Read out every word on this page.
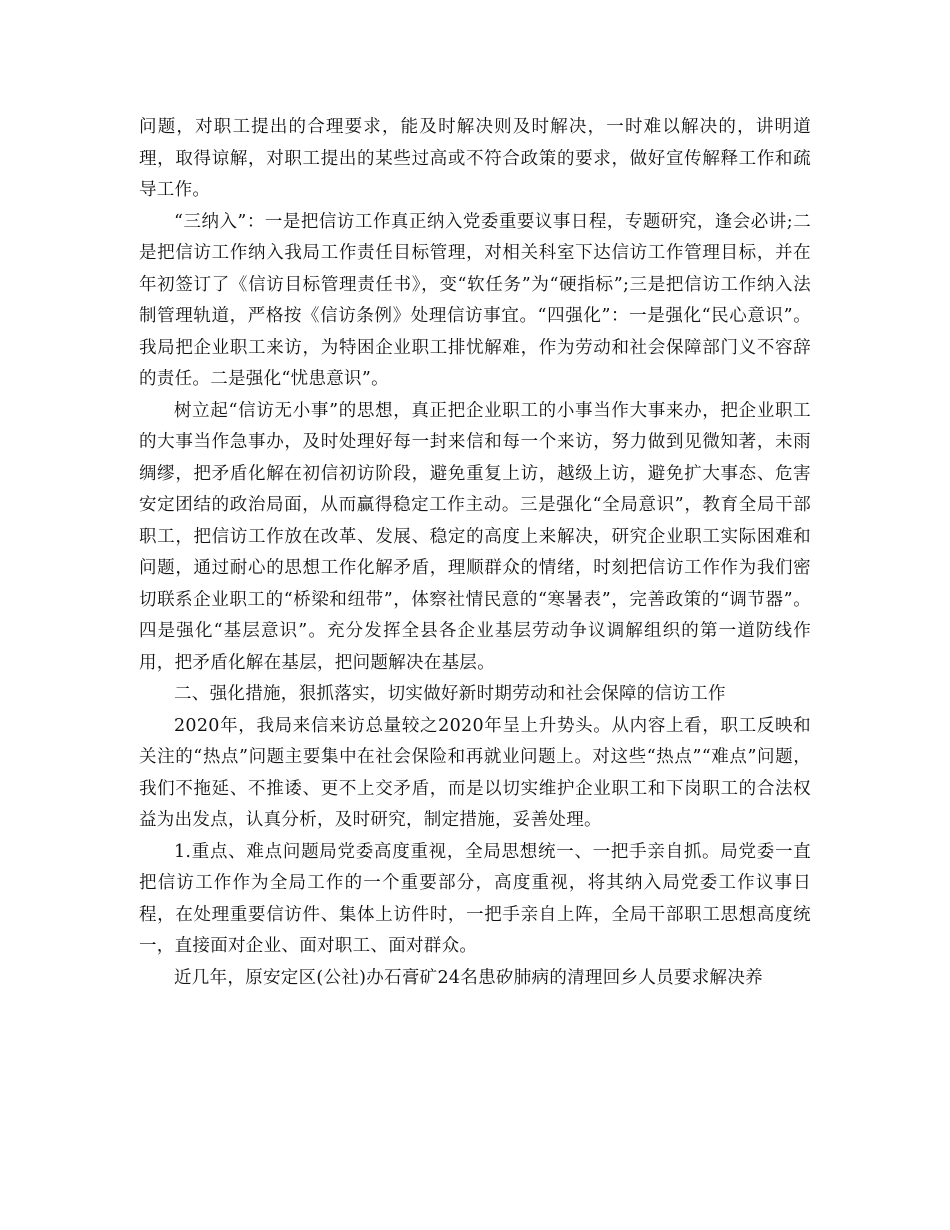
问题，对职工提出的合理要求，能及时解决则及时解决，一时难以解决的，讲明道理，取得谅解，对职工提出的某些过高或不符合政策的要求，做好宣传解释工作和疏导工作。

“三纳入”：一是把信访工作真正纳入党委重要议事日程，专题研究，逢会必讲;二是把信访工作纳入我局工作责任目标管理，对相关科室下达信访工作管理目标，并在年初签订了《信访目标管理责任书》，变“软任务”为“硬指标”;三是把信访工作纳入法制管理轨道，严格按《信访条例》处理信访事宜。“四强化”：一是强化“民心意识”。我局把企业职工来访，为特困企业职工排忧解难，作为劳动和社会保障部门义不容辞的责任。二是强化“忧患意识”。

树立起“信访无小事”的思想，真正把企业职工的小事当作大事来办，把企业职工的大事当作急事办，及时处理好每一封来信和每一个来访，努力做到见微知著，未雨绸缪，把矛盾化解在初信初访阶段，避免重复上访，越级上访，避免扩大事态、危害安定团结的政治局面，从而赢得稳定工作主动。三是强化“全局意识”，教育全局干部职工，把信访工作放在改革、发展、稳定的高度上来解决，研究企业职工实际困难和问题，通过耐心的思想工作化解矛盾，理顺群众的情绪，时刻把信访工作作为我们密切联系企业职工的“桥梁和纽带”，体察社情民意的“寒暑表”，完善政策的“调节器”。四是强化“基层意识”。充分发挥全县各企业基层劳动争议调解组织的第一道防线作用，把矛盾化解在基层，把问题解决在基层。

二、强化措施，狠抓落实，切实做好新时期劳动和社会保障的信访工作

2020年，我局来信来访总量较之2020年呈上升势头。从内容上看，职工反映和关注的“热点”问题主要集中在社会保险和再就业问题上。对这些“热点”“难点”问题，我们不拖延、不推诿、更不上交矛盾，而是以切实维护企业职工和下岗职工的合法权益为出发点，认真分析，及时研究，制定措施，妥善处理。

1.重点、难点问题局党委高度重视，全局思想统一、一把手亲自抓。局党委一直把信访工作作为全局工作的一个重要部分，高度重视，将其纳入局党委工作议事日程，在处理重要信访件、集体上访件时，一把手亲自上阵，全局干部职工思想高度统一，直接面对企业、面对职工、面对群众。

近几年，原安定区(公社)办石膏矿24名患矽肺病的清理回乡人员要求解决养
